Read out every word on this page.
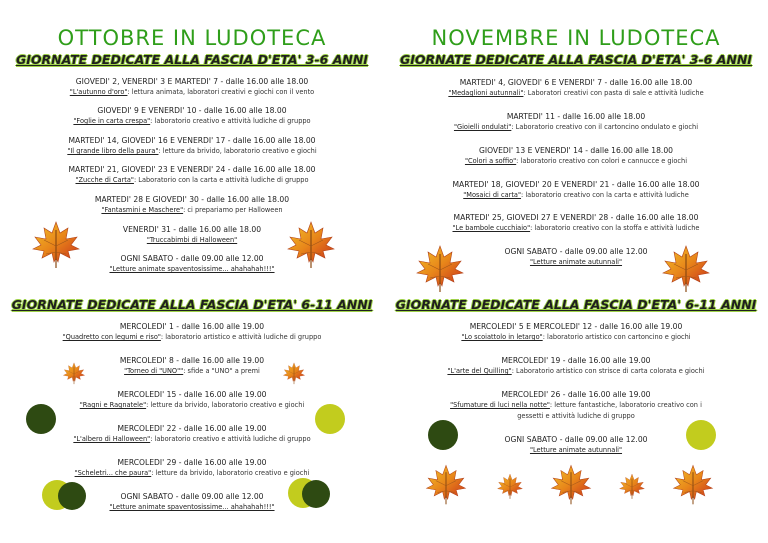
OTTOBRE IN LUDOTECA
GIORNATE DEDICATE ALLA FASCIA D'ETA' 3-6 ANNI
GIOVEDI' 2, VENERDI' 3 E MARTEDI' 7 - dalle 16.00 alle 18.00
"L'autunno d'oro": lettura animata, laboratori creativi e giochi con il vento
GIOVEDI' 9 E VENERDI' 10 - dalle 16.00 alle 18.00
"Foglie in carta crespa": laboratorio creativo e attività ludiche di gruppo
MARTEDI' 14, GIOVEDI' 16 E VENERDI' 17 - dalle 16.00 alle 18.00
"Il grande libro della paura": letture da brivido, laboratorio creativo e giochi
MARTEDI' 21, GIOVEDI' 23 E VENERDI' 24 - dalle 16.00 alle 18.00
"Zucche di Carta": Laboratorio con la carta e attività ludiche di gruppo
MARTEDI' 28 E GIOVEDI' 30 - dalle 16.00 alle 18.00
"Fantasmini e Maschere": ci prepariamo per Halloween
VENERDI' 31 - dalle 16.00 alle 18.00
"Truccabimbi di Halloween"
OGNI SABATO - dalle 09.00 alle 12.00
"Letture animate spaventosissime... ahahahah!!!"
GIORNATE DEDICATE ALLA FASCIA D'ETA' 6-11 ANNI
MERCOLEDI' 1 - dalle 16.00 alle 19.00
"Quadretto con legumi e riso": laboratorio artistico e attività ludiche di gruppo
MERCOLEDI' 8 - dalle 16.00 alle 19.00
"Torneo di "UNO"": sfide a "UNO" a premi
MERCOLEDI' 15 - dalle 16.00 alle 19.00
"Ragni e Ragnatele": letture da brivido, laboratorio creativo e giochi
MERCOLEDI' 22 - dalle 16.00 alle 19.00
"L'albero di Halloween": laboratorio creativo e attività ludiche di gruppo
MERCOLEDI' 29 - dalle 16.00 alle 19.00
"Scheletri... che paura": letture da brivido, laboratorio creativo e giochi
OGNI SABATO - dalle 09.00 alle 12.00
"Letture animate spaventosissime... ahahahah!!!"
NOVEMBRE IN LUDOTECA
GIORNATE DEDICATE ALLA FASCIA D'ETA' 3-6 ANNI
MARTEDI' 4, GIOVEDI' 6 E VENERDI' 7 - dalle 16.00 alle 18.00
"Medaglioni autunnali": Laboratori creativi con pasta di sale e attività ludiche
MARTEDI' 11 - dalle 16.00 alle 18.00
"Gioielli ondulati": Laboratorio creativo con il cartoncino ondulato e giochi
GIOVEDI' 13 E VENERDI' 14 - dalle 16.00 alle 18.00
"Colori a soffio": laboratorio creativo con colori e cannucce e giochi
MARTEDI' 18, GIOVEDI' 20 E VENERDI' 21 - dalle 16.00 alle 18.00
"Mosaici di carta": laboratorio creativo con la carta e attività ludiche
MARTEDI' 25, GIOVEDI 27 E VENERDI' 28 - dalle 16.00 alle 18.00
"Le bambole cucchiaio": laboratorio creativo con la stoffa e attività ludiche
OGNI SABATO - dalle 09.00 alle 12.00
"Letture animate autunnali"
GIORNATE DEDICATE ALLA FASCIA D'ETA' 6-11 ANNI
MERCOLEDI' 5 E MERCOLEDI' 12 - dalle 16.00 alle 19.00
"Lo scoiattolo in letargo": laboratorio artistico con cartoncino e giochi
MERCOLEDI' 19 - dalle 16.00 alle 19.00
"L'arte del Quilling": Laboratorio artistico con strisce di carta colorata e giochi
MERCOLEDI' 26 - dalle 16.00 alle 19.00
"Sfumature di luci nella notte": letture fantastiche, laboratorio creativo con i gessetti e attività ludiche di gruppo
OGNI SABATO - dalle 09.00 alle 12.00
"Letture animate autunnali"
